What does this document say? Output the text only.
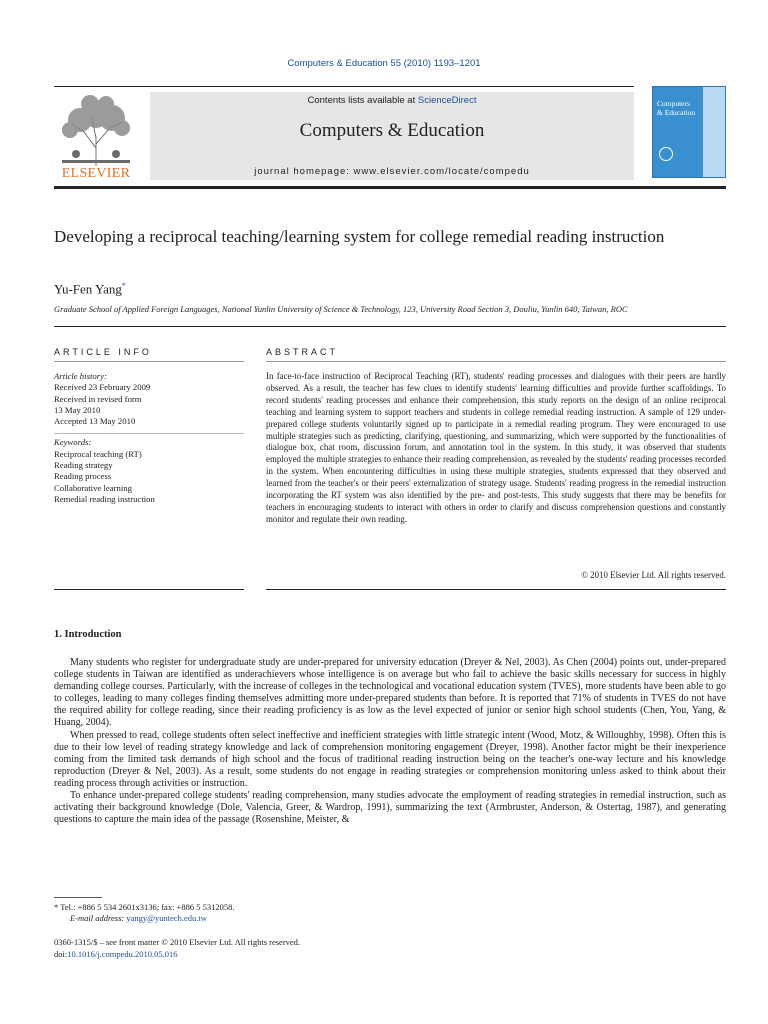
Computers & Education 55 (2010) 1193–1201
ELSEVIER
Contents lists available at ScienceDirect
Computers & Education
journal homepage: www.elsevier.com/locate/compedu
Computers
& Education
Developing a reciprocal teaching/learning system for college remedial reading instruction
Yu-Fen Yang*
Graduate School of Applied Foreign Languages, National Yunlin University of Science & Technology, 123, University Road Section 3, Douliu, Yunlin 640, Taiwan, ROC
ARTICLE INFO	ABSTRACT
Article history:
Received 23 February 2009
Received in revised form
13 May 2010
Accepted 13 May 2010
Keywords:
Reciprocal teaching (RT)
Reading strategy
Reading process
Collaborative learning
Remedial reading instruction
In face-to-face instruction of Reciprocal Teaching (RT), students' reading processes and dialogues with their peers are hardly observed. As a result, the teacher has few clues to identify students' learning difficulties and provide further scaffoldings. To record students' reading processes and enhance their comprehension, this study reports on the design of an online reciprocal teaching and learning system to support teachers and students in college remedial reading instruction. A sample of 129 under-prepared college students voluntarily signed up to participate in a remedial reading program. They were encouraged to use multiple strategies such as predicting, clarifying, questioning, and summarizing, which were supported by the functionalities of dialogue box, chat room, discussion forum, and annotation tool in the system. In this study, it was observed that students employed the multiple strategies to enhance their reading comprehension, as revealed by the students' reading processes recorded in the system. When encountering difficulties in using these multiple strategies, students expressed that they observed and learned from the teacher's or their peers' externalization of strategy usage. Students' reading progress in the remedial instruction incorporating the RT system was also identified by the pre- and post-tests. This study suggests that there may be benefits for teachers in encouraging students to interact with others in order to clarify and discuss comprehension questions and constantly monitor and regulate their own reading.
© 2010 Elsevier Ltd. All rights reserved.
1. Introduction

Many students who register for undergraduate study are under-prepared for university education (Dreyer & Nel, 2003). As Chen (2004) points out, under-prepared college students in Taiwan are identified as underachievers whose intelligence is on average but who fail to achieve the basic skills necessary for success in highly demanding college courses. Particularly, with the increase of colleges in the technological and vocational education system (TVES), more students have been able to go to colleges, leading to many colleges finding themselves admitting more under-prepared students than before. It is reported that 71% of students in TVES do not have the required ability for college reading, since their reading proficiency is as low as the level expected of junior or senior high school students (Chen, You, Yang, & Huang, 2004).

When pressed to read, college students often select ineffective and inefficient strategies with little strategic intent (Wood, Motz, & Willoughby, 1998). Often this is due to their low level of reading strategy knowledge and lack of comprehension monitoring engagement (Dreyer, 1998). Another factor might be their inexperience coming from the limited task demands of high school and the focus of traditional reading instruction being on the teacher's one-way lecture and his knowledge reproduction (Dreyer & Nel, 2003). As a result, some students do not engage in reading strategies or comprehension monitoring unless asked to think about their reading process through activities or instruction.

To enhance under-prepared college students' reading comprehension, many studies advocate the employment of reading strategies in remedial instruction, such as activating their background knowledge (Dole, Valencia, Greer, & Wardrop, 1991), summarizing the text (Armbruster, Anderson, & Ostertag, 1987), and generating questions to capture the main idea of the passage (Rosenshine, Meister, &

* Tel.: +886 5 534 2601x3136; fax: +886 5 5312058.
E-mail address: yangy@yuntech.edu.tw
0360-1315/$ – see front matter © 2010 Elsevier Ltd. All rights reserved.
doi:10.1016/j.compedu.2010.05.016
